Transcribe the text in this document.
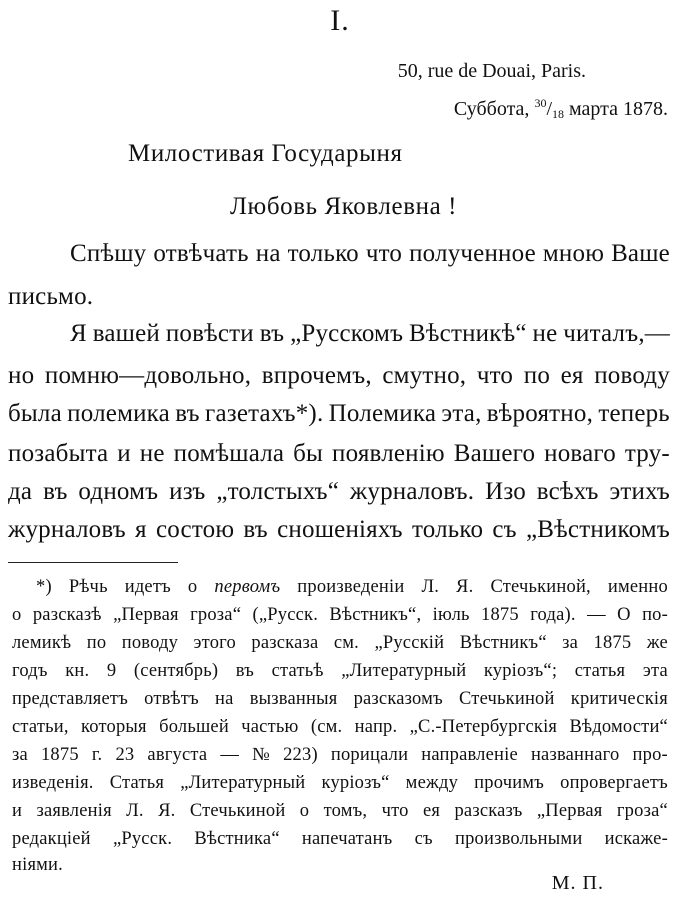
I.
50, rue de Douai, Paris.
Суббота, $^{30}/_{18}$ марта 1878.
Милостивая Государыня
Любовь Яковлевна !
Спѣшу отвѣчать на только что полученное мною Ваше
письмо.
Я вашей повѣсти въ „Русскомъ Вѣстникѣ“ не читалъ,—
но помню—довольно, впрочемъ, смутно, что по ея поводу
была полемика въ газетахъ*). Полемика эта, вѣроятно, теперь
позабыта и не помѣшала бы появленію Вашего новаго тру-
да въ одномъ изъ „толстыхъ“ журналовъ. Изо всѣхъ этихъ
журналовъ я состою въ сношеніяхъ только съ „Вѣстникомъ
*) Рѣчь идетъ о первомъ произведеніи Л. Я. Стечькиной, именно
о разсказѣ „Первая гроза“ („Русск. Вѣстникъ“, іюль 1875 года). — О по-
лемикѣ по поводу этого разсказа см. „Русскій Вѣстникъ“ за 1875 же
годъ кн. 9 (сентябрь) въ статьѣ „Литературный куріозъ“; статья эта
представляетъ отвѣтъ на вызванныя разсказомъ Стечькиной критическія
статьи, которыя большей частью (см. напр. „С.-Петербургскія Вѣдомости“
за 1875 г. 23 августа — № 223) порицали направленіе названнаго про-
изведенія. Статья „Литературный куріозъ“ между прочимъ опровергаетъ
и заявленія Л. Я. Стечькиной о томъ, что ея разсказъ „Первая гроза“
редакціей „Русск. Вѣстника“ напечатанъ съ произвольными искаже-
ніями.
М. П.
